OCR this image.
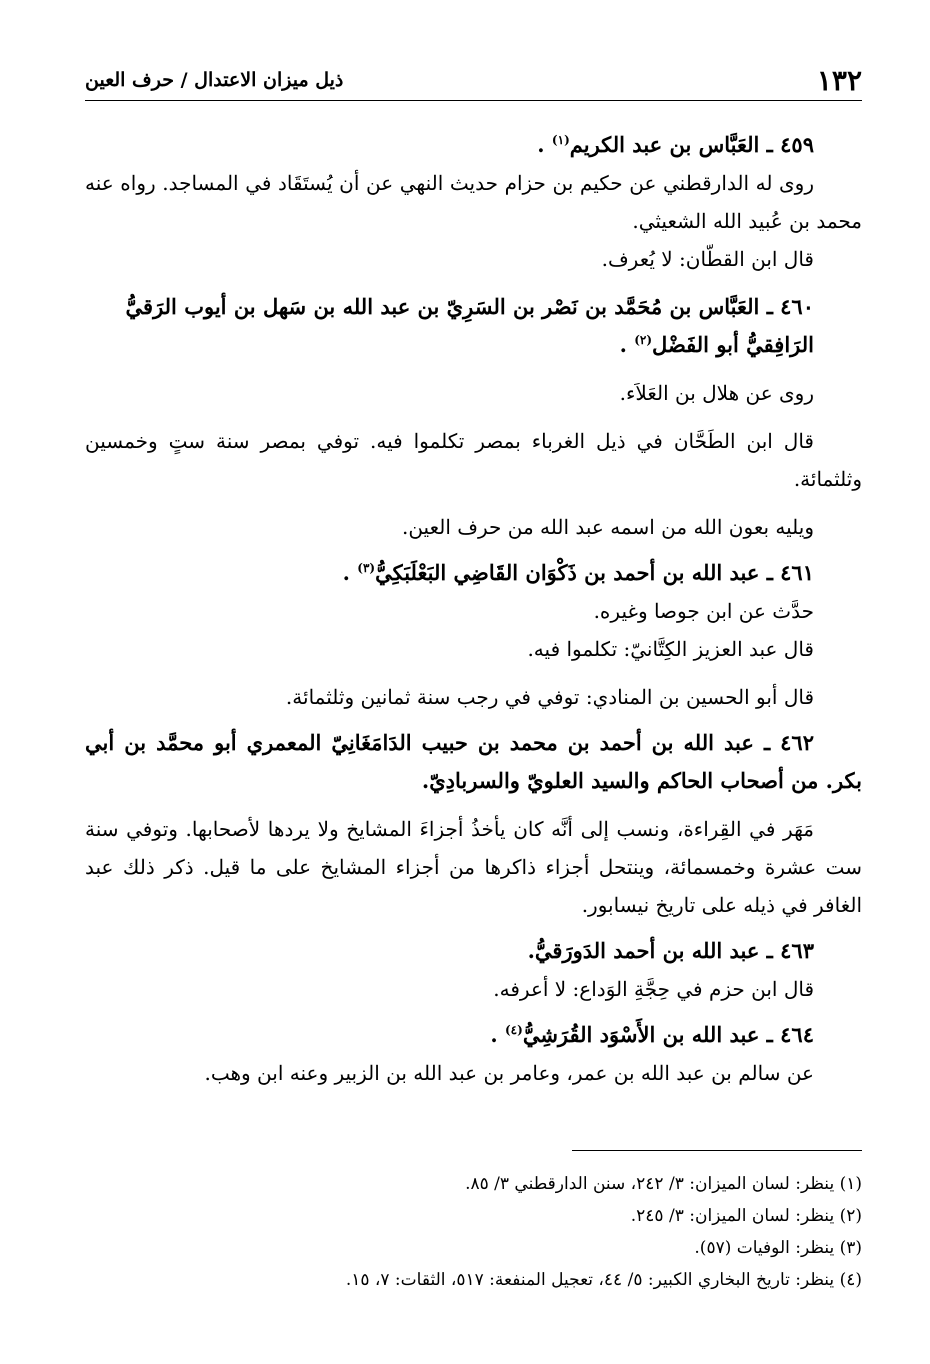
١٣٢
ذيل ميزان الاعتدال / حرف العين
٤٥٩ ـ العَبَّاس بن عبد الكريم$^{(١)}$ .
روى له الدارقطني عن حكيم بن حزام حديث النهي عن أن يُستَقَاد في المساجد. رواه عنه محمد بن عُبيد الله الشعيثي.
قال ابن القطّان: لا يُعرف.
٤٦٠ ـ العَبَّاس بن مُحَمَّد بن نَصْر بن السَرِيّ بن عبد الله بن سَهل بن أيوب الرَقيُّ الرَافِقيُّ أبو الفَضْل$^{(٢)}$ .
روى عن هلال بن العَلاَء.
قال ابن الطَحَّان في ذيل الغرباء بمصر تكلموا فيه. توفي بمصر سنة ستٍ وخمسين وثلثمائة.
ويليه بعون الله من اسمه عبد الله من حرف العين.
٤٦١ ـ عبد الله بن أحمد بن ذَكْوَان القَاضِي البَعْلَبَكِيُّ$^{(٣)}$ .
حدَّث عن ابن جوصا وغيره.
قال عبد العزيز الكِتَّانيّ: تكلموا فيه.
قال أبو الحسين بن المنادي: توفي في رجب سنة ثمانين وثلثمائة.
٤٦٢ ـ عبد الله بن أحمد بن محمد بن حبيب الدَامَغَانِيّ المعمري أبو محمَّد بن أبي بكر. من أصحاب الحاكم والسيد العلويّ والسربادِيّ.
مَهَر في القِراءة، ونسب إلى أنَّه كان يأخذُ أجزاءَ المشايخ ولا يردها لأصحابها. وتوفي سنة ست عشرة وخمسمائة، وينتحل أجزاء ذاكرها من أجزاء المشايخ على ما قيل. ذكر ذلك عبد الغافر في ذيله على تاريخ نيسابور.
٤٦٣ ـ عبد الله بن أحمد الدَورَقيُّ.
قال ابن حزم في حِجَّةِ الوَداع: لا أعرفه.
٤٦٤ ـ عبد الله بن الأَسْوَد القُرَشِيُّ$^{(٤)}$ .
عن سالم بن عبد الله بن عمر، وعامر بن عبد الله بن الزبير وعنه ابن وهب.
(١) ينظر: لسان الميزان: ٣/ ٢٤٢، سنن الدارقطني ٣/ ٨٥.
(٢) ينظر: لسان الميزان: ٣/ ٢٤٥.
(٣) ينظر: الوفيات (٥٧).
(٤) ينظر: تاريخ البخاري الكبير: ٥/ ٤٤، تعجيل المنفعة: ٥١٧، الثقات: ٧، ١٥.
